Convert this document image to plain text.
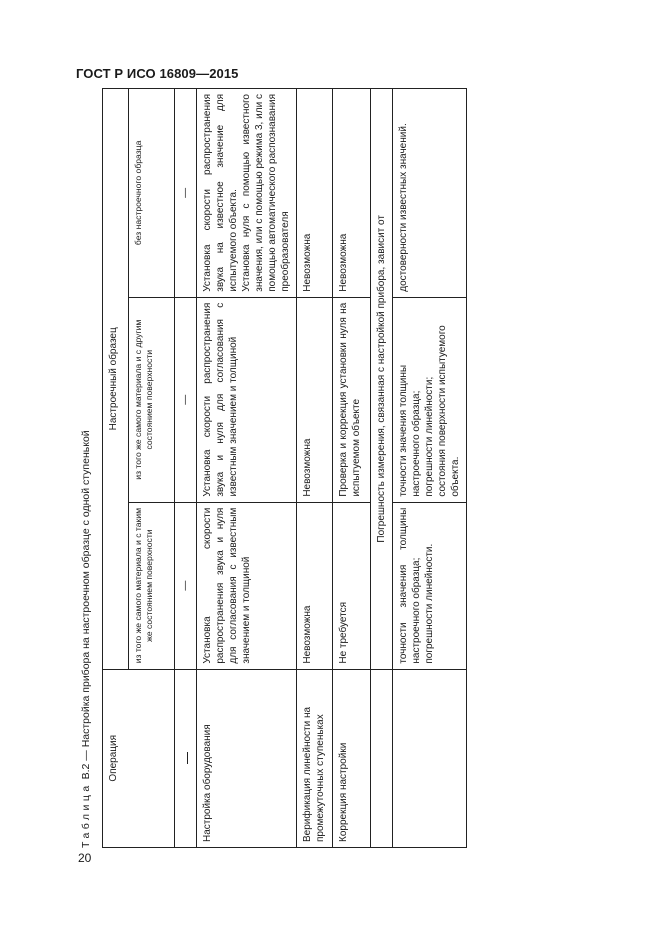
ГОСТ Р ИСО 16809—2015
Таблица В.2 — Настройка прибора на настроечном образце с одной ступенькой Операция	Настроечный образец		
	из того же самого материала и с таким же состоянием поверхности	из того же самого материала и с другим состоянием поверхности	без настроечного образца
	—	—	—
Настройка оборудования	Установка скорости распространения звука и нуля для согласования с известным значением и толщиной	Установка скорости распространения звука и нуля для согласования с известным значением и толщиной	Установка скорости распространения звука на известное значение для испытуемого объекта. Установка нуля с помощью известного значения, или с помощью режима 3, или с помощью автоматического распознавания преобразователя

Верификация линейности на промежуточных ступеньках	Невозможна	Невозможна	Невозможна
Коррекция настройки	Не требуется	Проверка и коррекция установки нуля на испытуемом объекте	Невозможна
	Погрешность измерения, связанная с настройкой прибора, зависит от		

	точности значения толщины настроечного образца; погрешности линейности.	точности значения толщины настроечного образца; погрешности линейности; состояния поверхности испытуемого объекта.	достоверности известных значений.
20
